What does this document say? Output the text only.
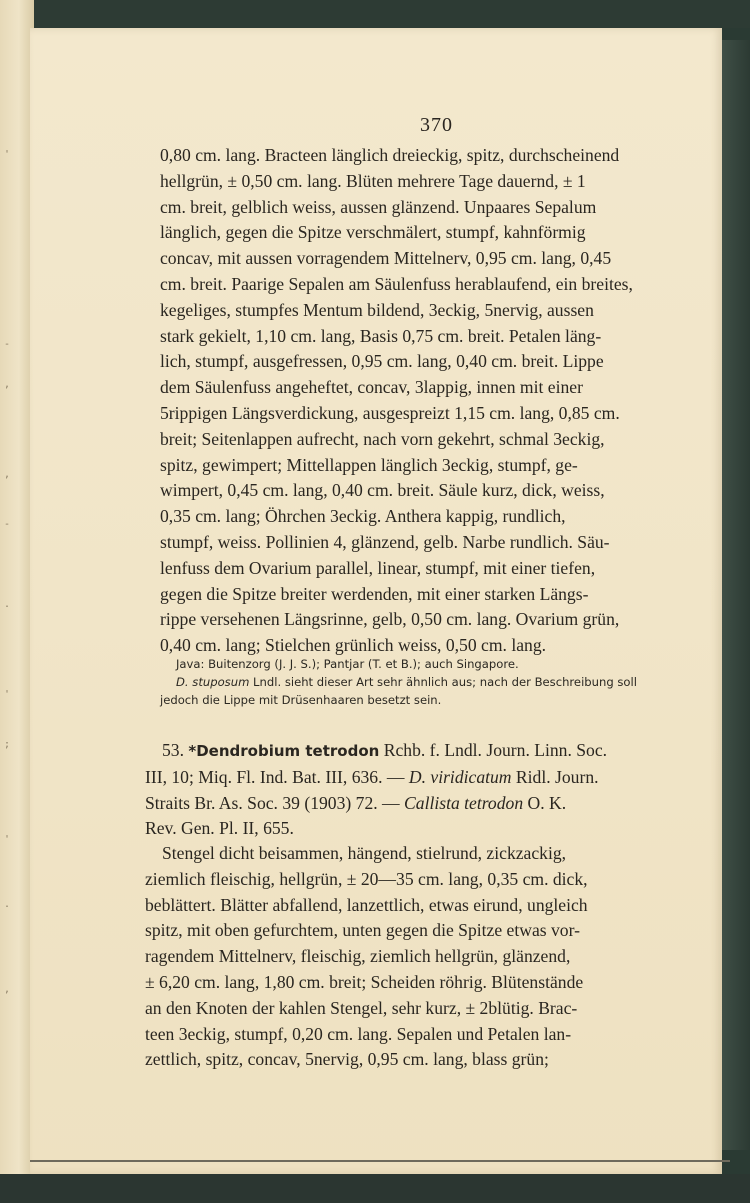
'
-
,
,
-
.
'
;
'
.
,
370
0,80 cm. lang. Bracteen länglich dreieckig, spitz, durchscheinend
hellgrün, ± 0,50 cm. lang. Blüten mehrere Tage dauernd, ± 1
cm. breit, gelblich weiss, aussen glänzend. Unpaares Sepalum
länglich, gegen die Spitze verschmälert, stumpf, kahnförmig
concav, mit aussen vorragendem Mittelnerv, 0,95 cm. lang, 0,45
cm. breit. Paarige Sepalen am Säulenfuss herablaufend, ein breites,
kegeliges, stumpfes Mentum bildend, 3eckig, 5nervig, aussen
stark gekielt, 1,10 cm. lang, Basis 0,75 cm. breit. Petalen läng-
lich, stumpf, ausgefressen, 0,95 cm. lang, 0,40 cm. breit. Lippe
dem Säulenfuss angeheftet, concav, 3lappig, innen mit einer
5rippigen Längsverdickung, ausgespreizt 1,15 cm. lang, 0,85 cm.
breit; Seitenlappen aufrecht, nach vorn gekehrt, schmal 3eckig,
spitz, gewimpert; Mittellappen länglich 3eckig, stumpf, ge-
wimpert, 0,45 cm. lang, 0,40 cm. breit. Säule kurz, dick, weiss,
0,35 cm. lang; Öhrchen 3eckig. Anthera kappig, rundlich,
stumpf, weiss. Pollinien 4, glänzend, gelb. Narbe rundlich. Säu-
lenfuss dem Ovarium parallel, linear, stumpf, mit einer tiefen,
gegen die Spitze breiter werdenden, mit einer starken Längs-
rippe versehenen Längsrinne, gelb, 0,50 cm. lang. Ovarium grün,
0,40 cm. lang; Stielchen grünlich weiss, 0,50 cm. lang.
Java: Buitenzorg (J. J. S.); Pantjar (T. et B.); auch Singapore.
D. stuposum Lndl. sieht dieser Art sehr ähnlich aus; nach der Beschreibung soll
jedoch die Lippe mit Drüsenhaaren besetzt sein.
53. *Dendrobium tetrodon Rchb. f. Lndl. Journ. Linn. Soc.
III, 10; Miq. Fl. Ind. Bat. III, 636. — D. viridicatum Ridl. Journ.
Straits Br. As. Soc. 39 (1903) 72. — Callista tetrodon O. K.
Rev. Gen. Pl. II, 655.
Stengel dicht beisammen, hängend, stielrund, zickzackig,
ziemlich fleischig, hellgrün, ± 20—35 cm. lang, 0,35 cm. dick,
beblättert. Blätter abfallend, lanzettlich, etwas eirund, ungleich
spitz, mit oben gefurchtem, unten gegen die Spitze etwas vor-
ragendem Mittelnerv, fleischig, ziemlich hellgrün, glänzend,
± 6,20 cm. lang, 1,80 cm. breit; Scheiden röhrig. Blütenstände
an den Knoten der kahlen Stengel, sehr kurz, ± 2blütig. Brac-
teen 3eckig, stumpf, 0,20 cm. lang. Sepalen und Petalen lan-
zettlich, spitz, concav, 5nervig, 0,95 cm. lang, blass grün;
